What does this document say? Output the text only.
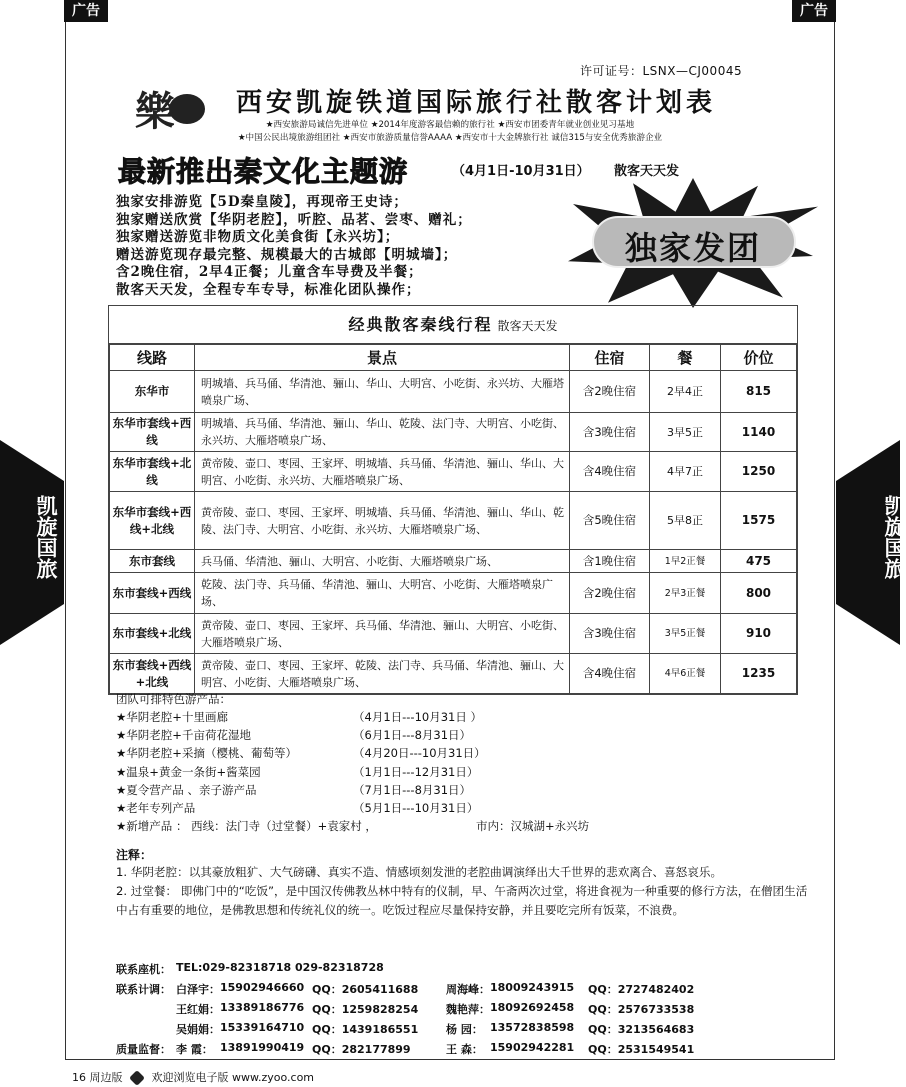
广告	广告
凯旋国旅	凯旋国旅
许可证号：LSNX—CJ00045
樂 西安凯旋铁道国际旅行社散客计划表
★西安旅游局诚信先进单位 ★2014年度游客最信赖的旅行社 ★西安市团委青年就业创业见习基地
★中国公民出境旅游组团社 ★西安市旅游质量信誉AAAA ★西安市十大金牌旅行社 诚信315与安全优秀旅游企业
最新推出秦文化主题游	（4月1日-10月31日） 散客天天发
独家安排游览【5D秦皇陵】，再现帝王史诗；
独家赠送欣赏【华阴老腔】，听腔、品茗、尝枣、赠礼；
独家赠送游览非物质文化美食街【永兴坊】；
赠送游览现存最完整、规模最大的古城郎【明城墙】；
含2晚住宿，2早4正餐；儿童含车导费及半餐；
散客天天发，全程专车专导，标准化团队操作；
独家发团
经典散客秦线行程 散客天天发
线路	景点	住宿	餐	价位
东华市	明城墙、兵马俑、华清池、骊山、华山、大明宫、小吃街、永兴坊、大雁塔喷泉广场、	含2晚住宿	2早4正	815
东华市套线+西线	明城墙、兵马俑、华清池、骊山、华山、乾陵、法门寺、大明宫、小吃街、永兴坊、大雁塔喷泉广场、	含3晚住宿	3早5正	1140
东华市套线+北线	黄帝陵、壶口、枣园、王家坪、明城墙、兵马俑、华清池、骊山、华山、大明宫、小吃街、永兴坊、大雁塔喷泉广场、	含4晚住宿	4早7正	1250
东华市套线+西线+北线	黄帝陵、壶口、枣园、王家坪、明城墙、兵马俑、华清池、骊山、华山、乾陵、法门寺、大明宫、小吃街、永兴坊、大雁塔喷泉广场、	含5晚住宿	5早8正	1575
东市套线	兵马俑、华清池、骊山、大明宫、小吃街、大雁塔喷泉广场、	含1晚住宿	1早2正餐	475
东市套线+西线	乾陵、法门寺、兵马俑、华清池、骊山、大明宫、小吃街、大雁塔喷泉广场、	含2晚住宿	2早3正餐	800
东市套线+北线	黄帝陵、壶口、枣园、王家坪、兵马俑、华清池、骊山、大明宫、小吃街、大雁塔喷泉广场、	含3晚住宿	3早5正餐	910
东市套线+西线+北线	黄帝陵、壶口、枣园、王家坪、乾陵、法门寺、兵马俑、华清池、骊山、大明宫、小吃街、大雁塔喷泉广场、	含4晚住宿	4早6正餐	1235
团队可排特色游产品：
★华阴老腔+十里画廊	（4月1日---10月31日 ）
★华阴老腔+千亩荷花湿地	（6月1日---8月31日）
★华阴老腔+采摘（樱桃、葡萄等）	（4月20日---10月31日）
★温泉+黄金一条街+酱菜园	（1月1日---12月31日）
★夏令营产品 、亲子游产品	（7月1日---8月31日）
★老年专列产品	（5月1日---10月31日）
★新增产品 ： 西线：法门寺（过堂餐）+袁家村 ，	市内：汉城湖+永兴坊
注释：
1. 华阴老腔：以其豪放粗犷、大气磅礴、真实不造、情感顷刻发泄的老腔曲调演绎出大千世界的悲欢离合、喜怒哀乐。
2. 过堂餐： 即佛门中的“吃饭”，是中国汉传佛教丛林中特有的仪制，早、午斋两次过堂，将进食视为一种重要的修行方法，在僧团生活中占有重要的地位，是佛教思想和传统礼仪的统一。吃饭过程应尽量保持安静，并且要吃完所有饭菜，不浪费。
联系座机： TEL:029-82318718 029-82318728
联系计调： 白泽宇： 15902946660 QQ：2605411688	周海峰： 18009243915 QQ：2727482402
王红娟： 13389186776 QQ：1259828254	魏艳萍： 18092692458 QQ：2576733538
吴娟娟： 15339164710 QQ：1439186551	杨 园： 13572838598 QQ：3213564683
质量监督： 李 霞： 13891990419 QQ：282177899	王 森： 15902942281 QQ：2531549541
16 周边版	欢迎浏览电子版 www.zyoo.com
